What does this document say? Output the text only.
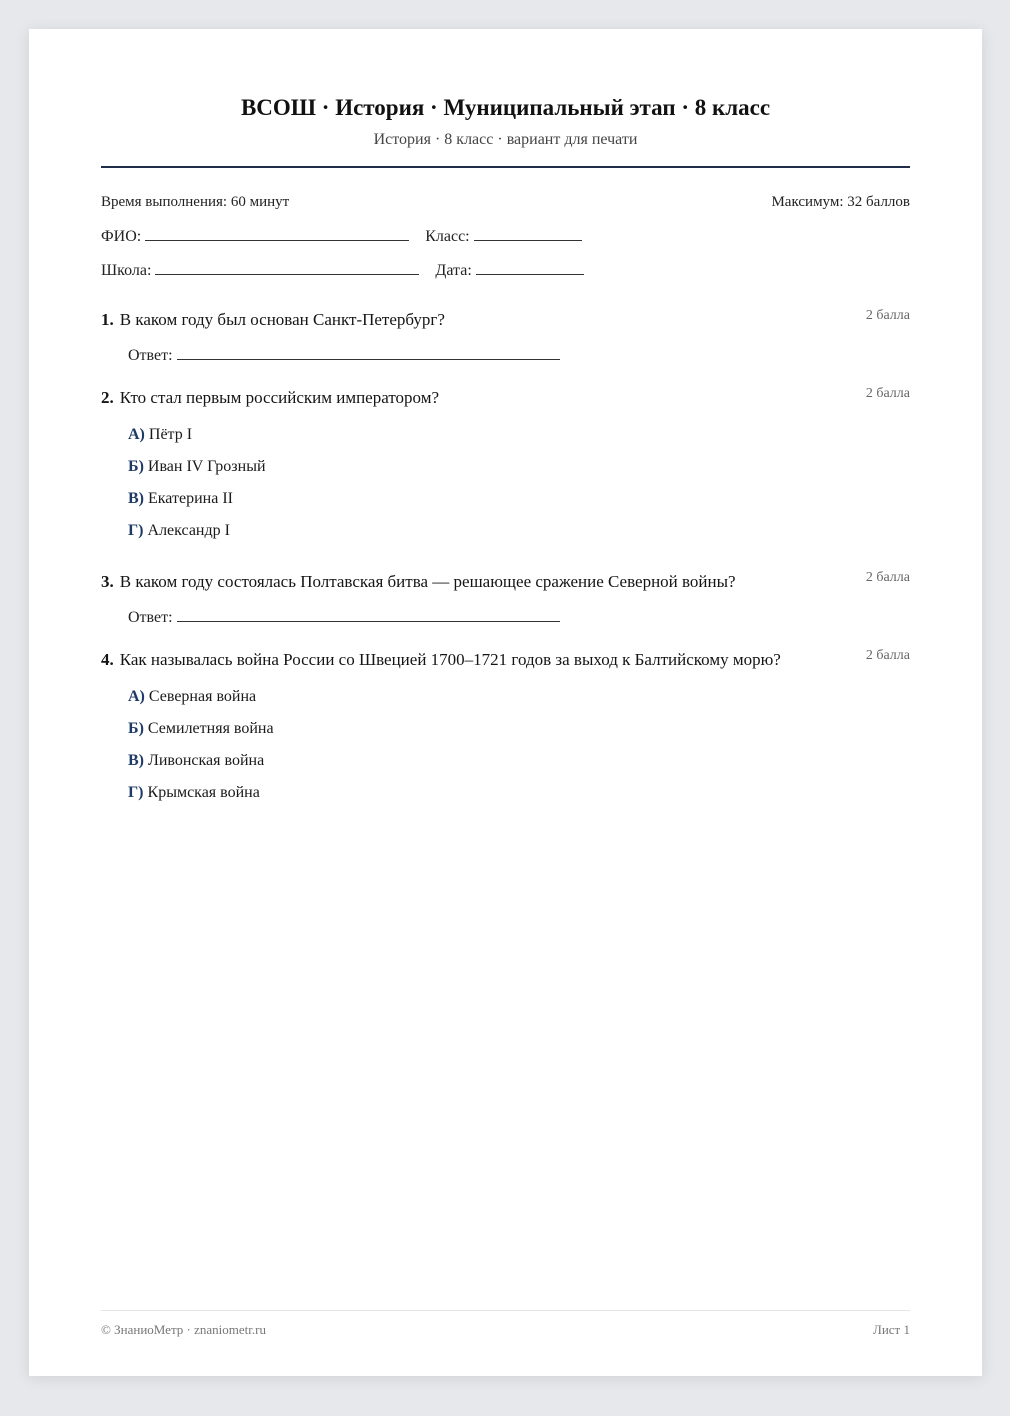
ВСОШ · История · Муниципальный этап · 8 класс
История · 8 класс · вариант для печати
Время выполнения: 60 минут	Максимум: 32 баллов
ФИО:	Класс:
Школа:	Дата:
1. В каком году был основан Санкт-Петербург?	2 балла
Ответ:
2. Кто стал первым российским императором?	2 балла
А) Пётр I
Б) Иван IV Грозный
В) Екатерина II
Г) Александр I
3. В каком году состоялась Полтавская битва — решающее сражение Северной войны?	2 балла
Ответ:
4. Как называлась война России со Швецией 1700–1721 годов за выход к Балтийскому морю?	2 балла
А) Северная война
Б) Семилетняя война
В) Ливонская война
Г) Крымская война
© ЗнаниоМетр · znaniometr.ru	Лист 1
